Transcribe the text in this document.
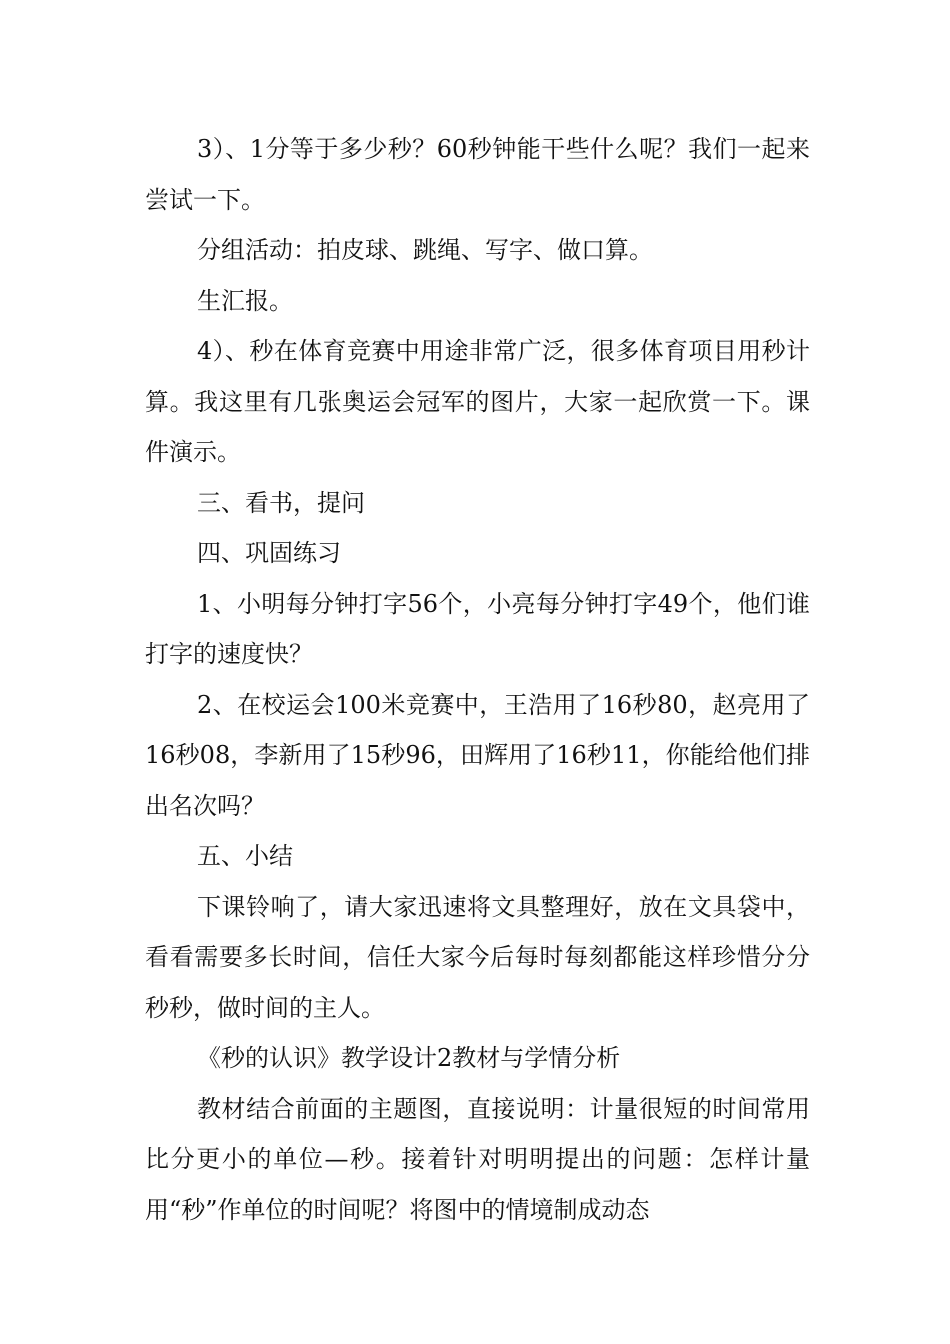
3）、1分等于多少秒？60秒钟能干些什么呢？我们一起来尝试一下。

分组活动：拍皮球、跳绳、写字、做口算。

生汇报。

4）、秒在体育竞赛中用途非常广泛，很多体育项目用秒计算。我这里有几张奥运会冠军的图片，大家一起欣赏一下。课件演示。

三、看书，提问

四、巩固练习

1、小明每分钟打字56个，小亮每分钟打字49个，他们谁打字的速度快？

2、在校运会100米竞赛中，王浩用了16秒80，赵亮用了16秒08，李新用了15秒96，田辉用了16秒11，你能给他们排出名次吗？

五、小结

下课铃响了，请大家迅速将文具整理好，放在文具袋中，看看需要多长时间，信任大家今后每时每刻都能这样珍惜分分秒秒，做时间的主人。

《秒的认识》教学设计2教材与学情分析

教材结合前面的主题图，直接说明：计量很短的时间常用比分更小的单位—秒。接着针对明明提出的问题：怎样计量用“秒”作单位的时间呢？将图中的情境制成动态
